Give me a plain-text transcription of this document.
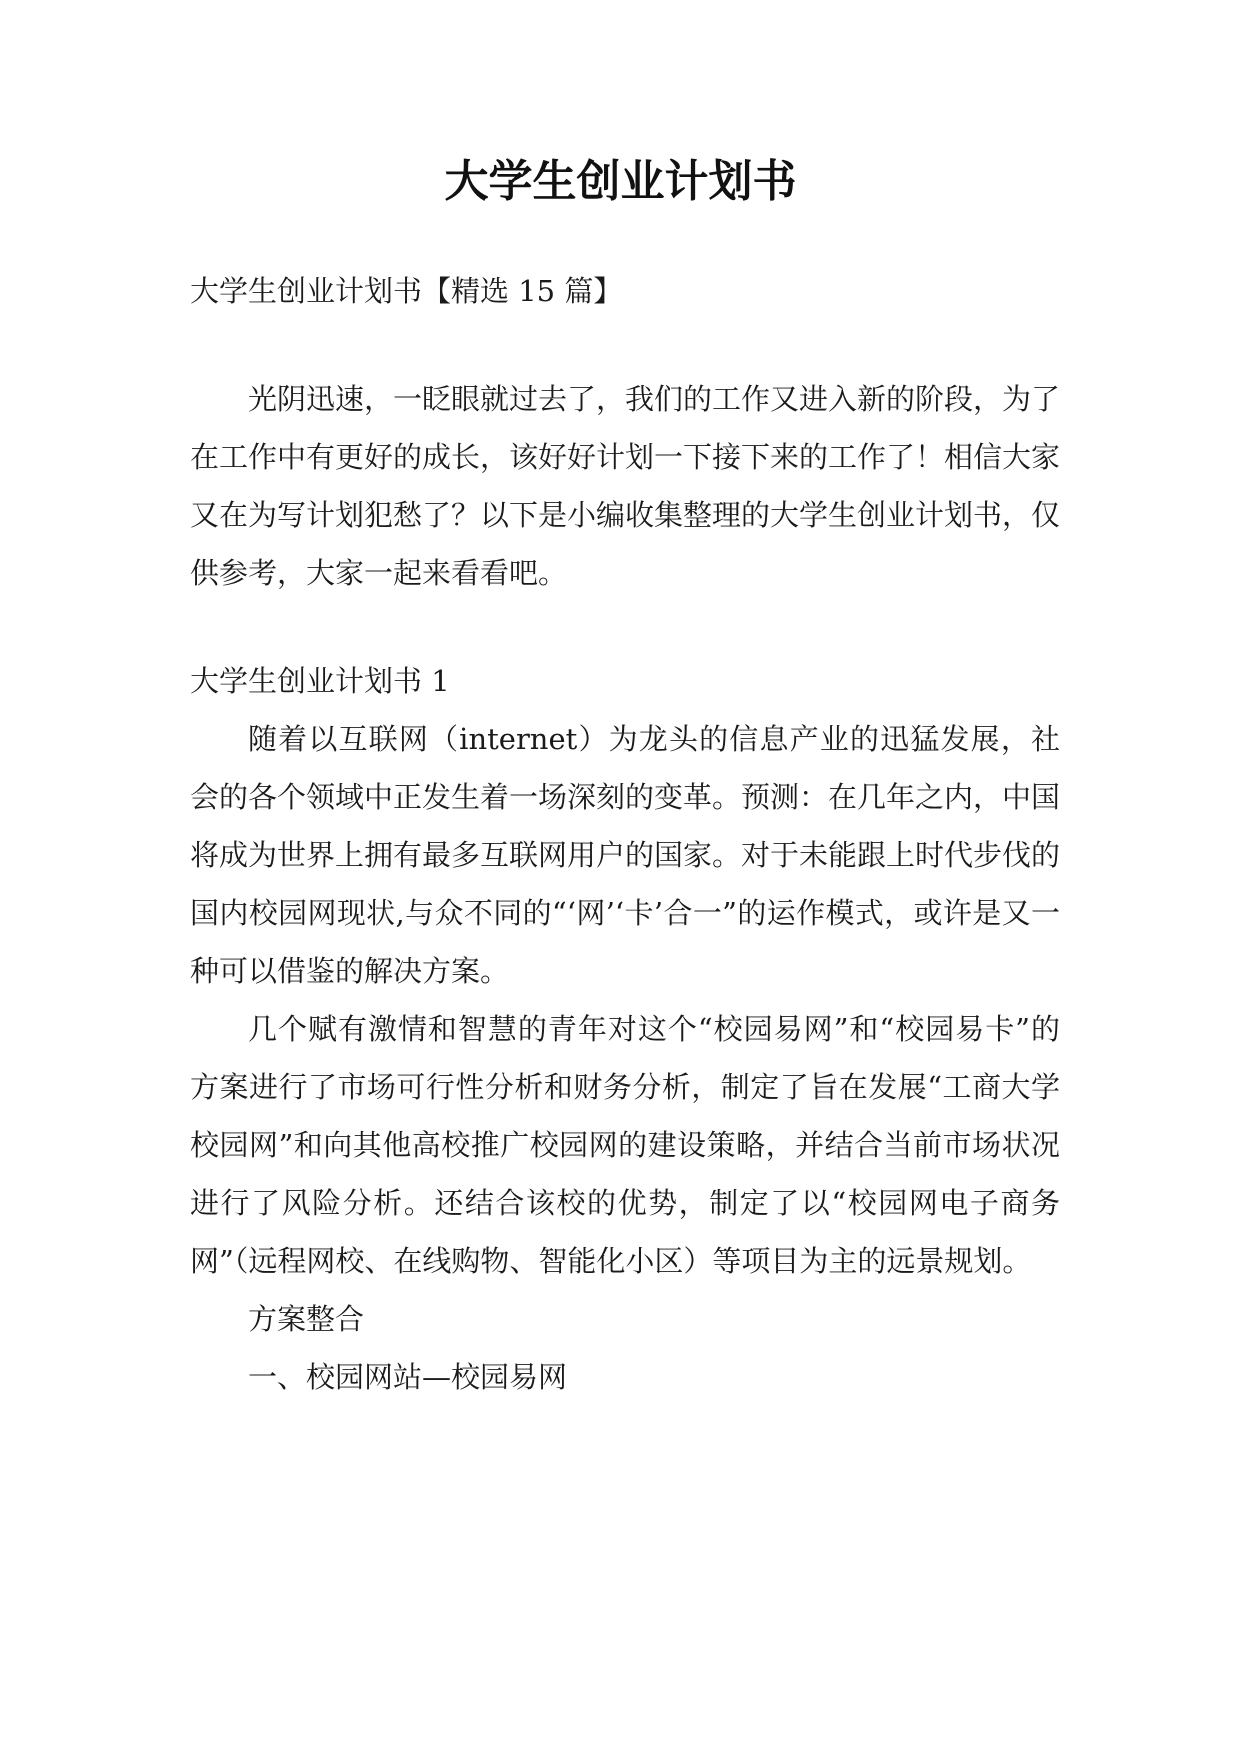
大学生创业计划书

大学生创业计划书【精选 15 篇】

光阴迅速，一眨眼就过去了，我们的工作又进入新的阶段，为了在工作中有更好的成长，该好好计划一下接下来的工作了！相信大家又在为写计划犯愁了？以下是小编收集整理的大学生创业计划书，仅供参考，大家一起来看看吧。

大学生创业计划书 1

随着以互联网（internet）为龙头的信息产业的迅猛发展，社会的各个领域中正发生着一场深刻的变革。预测：在几年之内，中国将成为世界上拥有最多互联网用户的国家。对于未能跟上时代步伐的国内校园网现状,与众不同的“‘网’‘卡’合一”的运作模式，或许是又一种可以借鉴的解决方案。

几个赋有激情和智慧的青年对这个“校园易网”和“校园易卡”的方案进行了市场可行性分析和财务分析，制定了旨在发展“工商大学校园网”和向其他高校推广校园网的建设策略，并结合当前市场状况进行了风险分析。还结合该校的优势，制定了以“校园网电子商务网”（远程网校、在线购物、智能化小区）等项目为主的远景规划。

方案整合

一、校园网站—校园易网
